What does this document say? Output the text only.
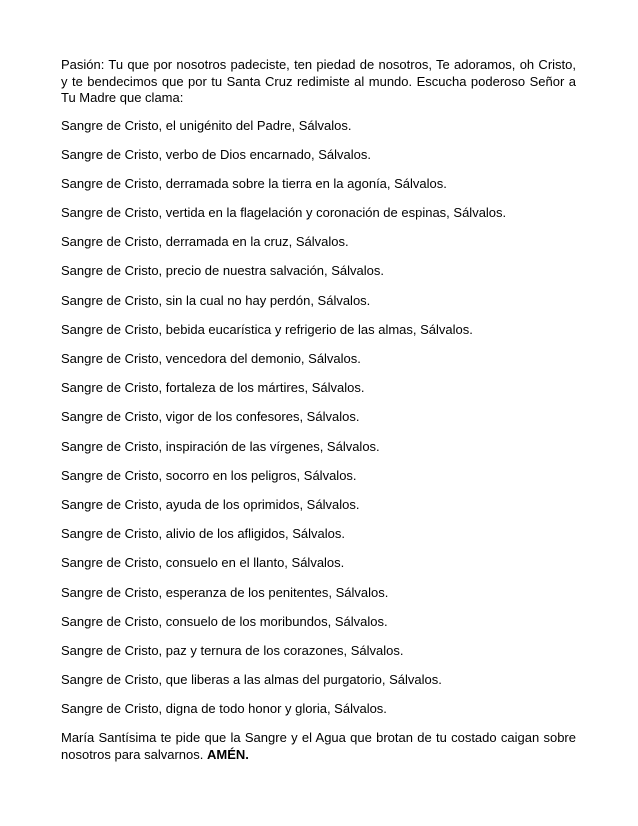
Pasión: Tu que por nosotros padeciste, ten piedad de nosotros, Te adoramos, oh Cristo, y te bendecimos que por tu Santa Cruz redimiste al mundo. Escucha poderoso Señor a Tu Madre que clama:

Sangre de Cristo, el unigénito del Padre, Sálvalos.

Sangre de Cristo, verbo de Dios encarnado, Sálvalos.

Sangre de Cristo, derramada sobre la tierra en la agonía, Sálvalos.

Sangre de Cristo, vertida en la flagelación y coronación de espinas, Sálvalos.

Sangre de Cristo, derramada en la cruz, Sálvalos.

Sangre de Cristo, precio de nuestra salvación, Sálvalos.

Sangre de Cristo, sin la cual no hay perdón, Sálvalos.

Sangre de Cristo, bebida eucarística y refrigerio de las almas, Sálvalos.

Sangre de Cristo, vencedora del demonio, Sálvalos.

Sangre de Cristo, fortaleza de los mártires, Sálvalos.

Sangre de Cristo, vigor de los confesores, Sálvalos.

Sangre de Cristo, inspiración de las vírgenes, Sálvalos.

Sangre de Cristo, socorro en los peligros, Sálvalos.

Sangre de Cristo, ayuda de los oprimidos, Sálvalos.

Sangre de Cristo, alivio de los afligidos, Sálvalos.

Sangre de Cristo, consuelo en el llanto, Sálvalos.

Sangre de Cristo, esperanza de los penitentes, Sálvalos.

Sangre de Cristo, consuelo de los moribundos, Sálvalos.

Sangre de Cristo, paz y ternura de los corazones, Sálvalos.

Sangre de Cristo, que liberas a las almas del purgatorio, Sálvalos.

Sangre de Cristo, digna de todo honor y gloria, Sálvalos.

María Santísima te pide que la Sangre y el Agua que brotan de tu costado caigan sobre nosotros para salvarnos. AMÉN.
